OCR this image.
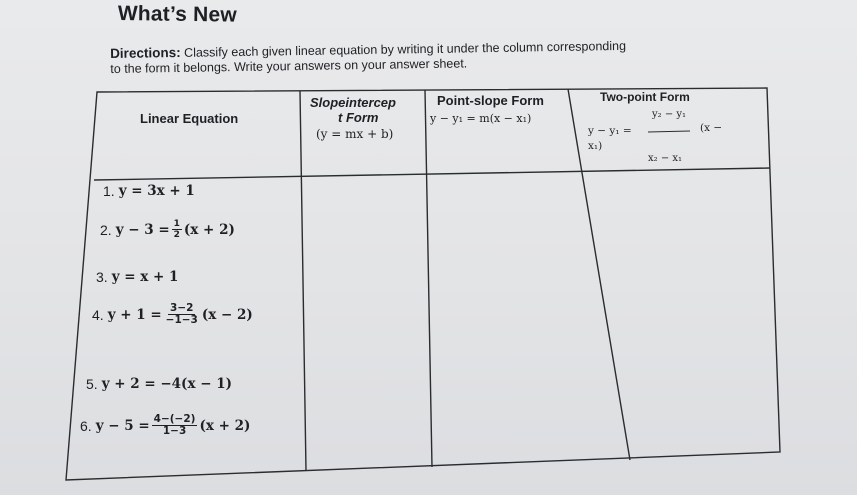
What’s New
Directions: Classify each given linear equation by writing it under the column corresponding
to the form it belongs. Write your answers on your answer sheet.
Linear Equation
Slopeintercep
t Form
(y = mx + b)
Point-slope Form
y − y₁ = m(x − x₁)
Two-point Form
y₂ − y₁
y − y₁ =	(x −
x₁)
x₂ − x₁
1. y = 3x + 1
2. $y - 3 = \frac{1}{2} (x + 2)$
3. y = x + 1
4. $y + 1 = \frac{3-2}{-1-3} (x - 2)$
5. y + 2 = −4(x − 1)
6. $y - 5 = \frac{4-(-2)}{1-3} (x + 2)$
